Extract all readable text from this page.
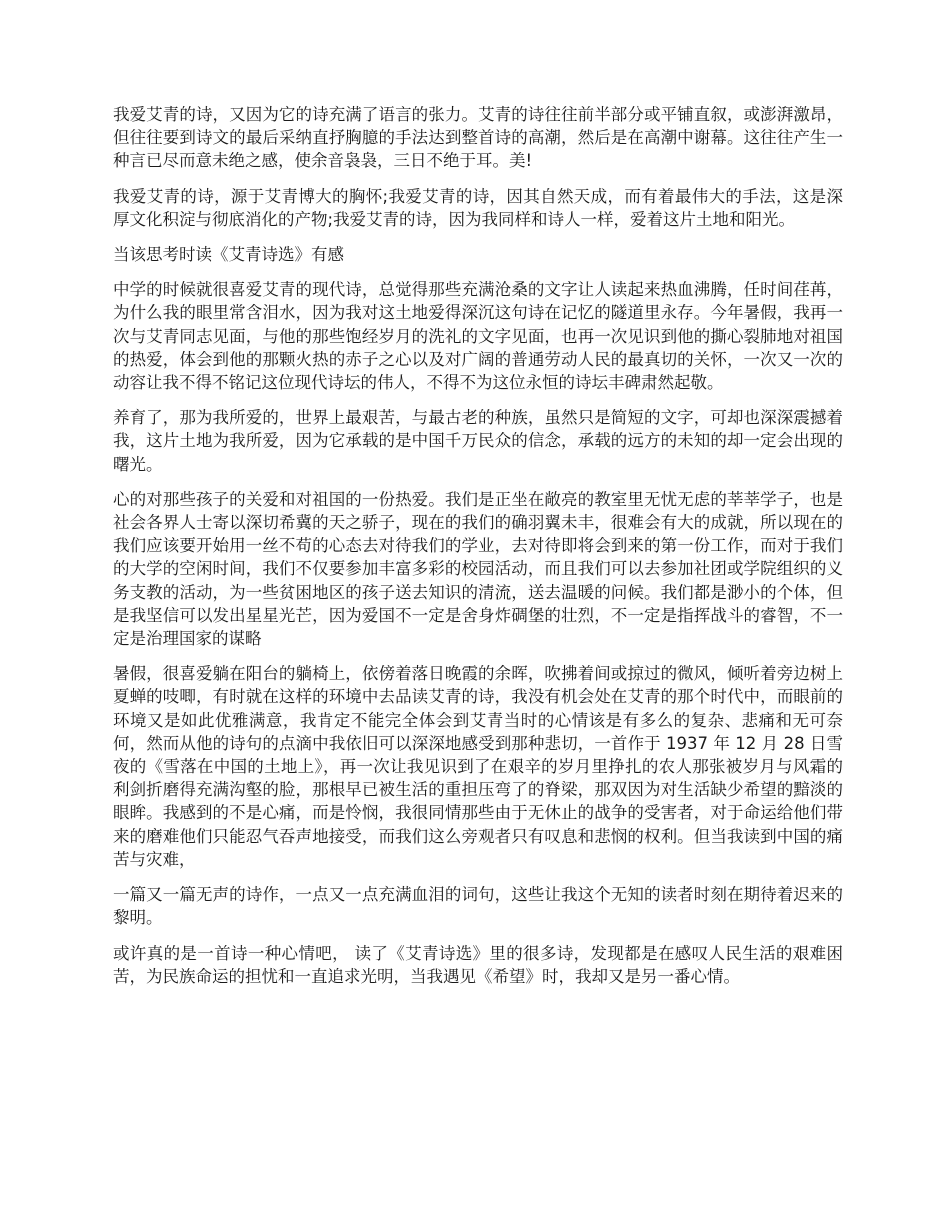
我爱艾青的诗，又因为它的诗充满了语言的张力。艾青的诗往往前半部分或平铺直叙，或澎湃激昂，但往往要到诗文的最后采纳直抒胸臆的手法达到整首诗的高潮，然后是在高潮中谢幕。这往往产生一种言已尽而意未绝之感，使余音袅袅，三日不绝于耳。美!

我爱艾青的诗，源于艾青博大的胸怀;我爱艾青的诗，因其自然天成，而有着最伟大的手法，这是深厚文化积淀与彻底消化的产物;我爱艾青的诗，因为我同样和诗人一样，爱着这片土地和阳光。

当该思考时读《艾青诗选》有感

中学的时候就很喜爱艾青的现代诗，总觉得那些充满沧桑的文字让人读起来热血沸腾，任时间荏苒，为什么我的眼里常含泪水，因为我对这土地爱得深沉这句诗在记忆的隧道里永存。今年暑假，我再一次与艾青同志见面，与他的那些饱经岁月的洗礼的文字见面，也再一次见识到他的撕心裂肺地对祖国的热爱，体会到他的那颗火热的赤子之心以及对广阔的普通劳动人民的最真切的关怀，一次又一次的动容让我不得不铭记这位现代诗坛的伟人，不得不为这位永恒的诗坛丰碑肃然起敬。

养育了，那为我所爱的，世界上最艰苦，与最古老的种族，虽然只是简短的文字，可却也深深震撼着我，这片土地为我所爱，因为它承载的是中国千万民众的信念，承载的远方的未知的却一定会出现的曙光。

心的对那些孩子的关爱和对祖国的一份热爱。我们是正坐在敞亮的教室里无忧无虑的莘莘学子，也是社会各界人士寄以深切希冀的天之骄子，现在的我们的确羽翼未丰，很难会有大的成就，所以现在的我们应该要开始用一丝不苟的心态去对待我们的学业，去对待即将会到来的第一份工作，而对于我们的大学的空闲时间，我们不仅要参加丰富多彩的校园活动，而且我们可以去参加社团或学院组织的义务支教的活动，为一些贫困地区的孩子送去知识的清流，送去温暖的问候。我们都是渺小的个体，但是我坚信可以发出星星光芒，因为爱国不一定是舍身炸碉堡的壮烈，不一定是指挥战斗的睿智，不一定是治理国家的谋略

暑假，很喜爱躺在阳台的躺椅上，依傍着落日晚霞的余晖，吹拂着间或掠过的微风，倾听着旁边树上夏蝉的吱唧，有时就在这样的环境中去品读艾青的诗，我没有机会处在艾青的那个时代中，而眼前的环境又是如此优雅满意，我肯定不能完全体会到艾青当时的心情该是有多么的复杂、悲痛和无可奈何，然而从他的诗句的点滴中我依旧可以深深地感受到那种悲切，一首作于 1937 年 12 月 28 日雪夜的《雪落在中国的土地上》，再一次让我见识到了在艰辛的岁月里挣扎的农人那张被岁月与风霜的利剑折磨得充满沟壑的脸，那根早已被生活的重担压弯了的脊梁，那双因为对生活缺少希望的黯淡的眼眸。我感到的不是心痛，而是怜悯，我很同情那些由于无休止的战争的受害者，对于命运给他们带来的磨难他们只能忍气吞声地接受，而我们这么旁观者只有叹息和悲悯的权利。但当我读到中国的痛苦与灾难，

一篇又一篇无声的诗作，一点又一点充满血泪的词句，这些让我这个无知的读者时刻在期待着迟来的黎明。

或许真的是一首诗一种心情吧， 读了《艾青诗选》里的很多诗，发现都是在感叹人民生活的艰难困苦，为民族命运的担忧和一直追求光明，当我遇见《希望》时，我却又是另一番心情。
